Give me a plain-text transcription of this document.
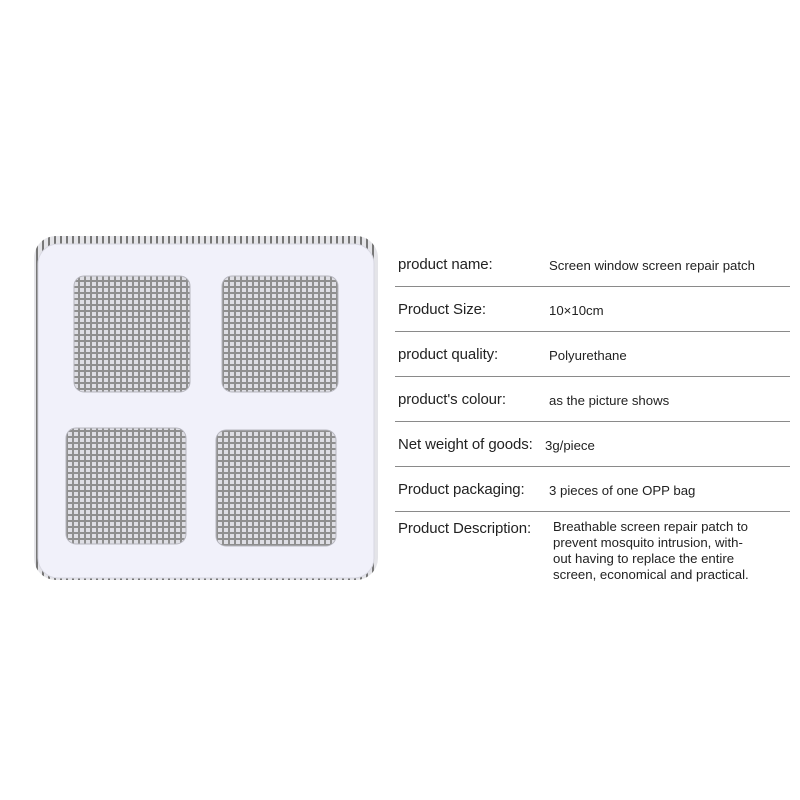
product name:	Screen window screen repair patch
Product Size:	10×10cm
product quality:	Polyurethane
product's colour:	as the picture shows
Net weight of goods: 3g/piece
Product packaging: 3 pieces of one OPP bag
Product Description: Breathable screen repair patch to
prevent mosquito intrusion, with-
out having to replace the entire
screen, economical and practical.
